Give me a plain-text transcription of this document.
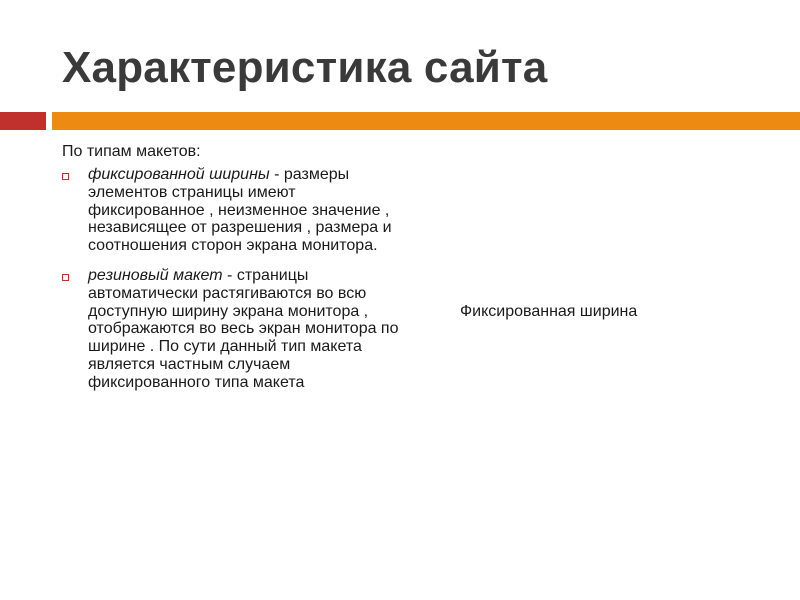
Характеристика сайта
По типам макетов:
фиксированной ширины - размеры элементов страницы имеют фиксированное , неизменное значение , независящее от разрешения , размера и соотношения сторон экрана монитора.
резиновый макет - страницы автоматически растягиваются во всю доступную ширину экрана монитора , отображаются во весь экран монитора по ширине . По сути данный тип макета является частным случаем фиксированного типа макета
Фиксированная ширина
